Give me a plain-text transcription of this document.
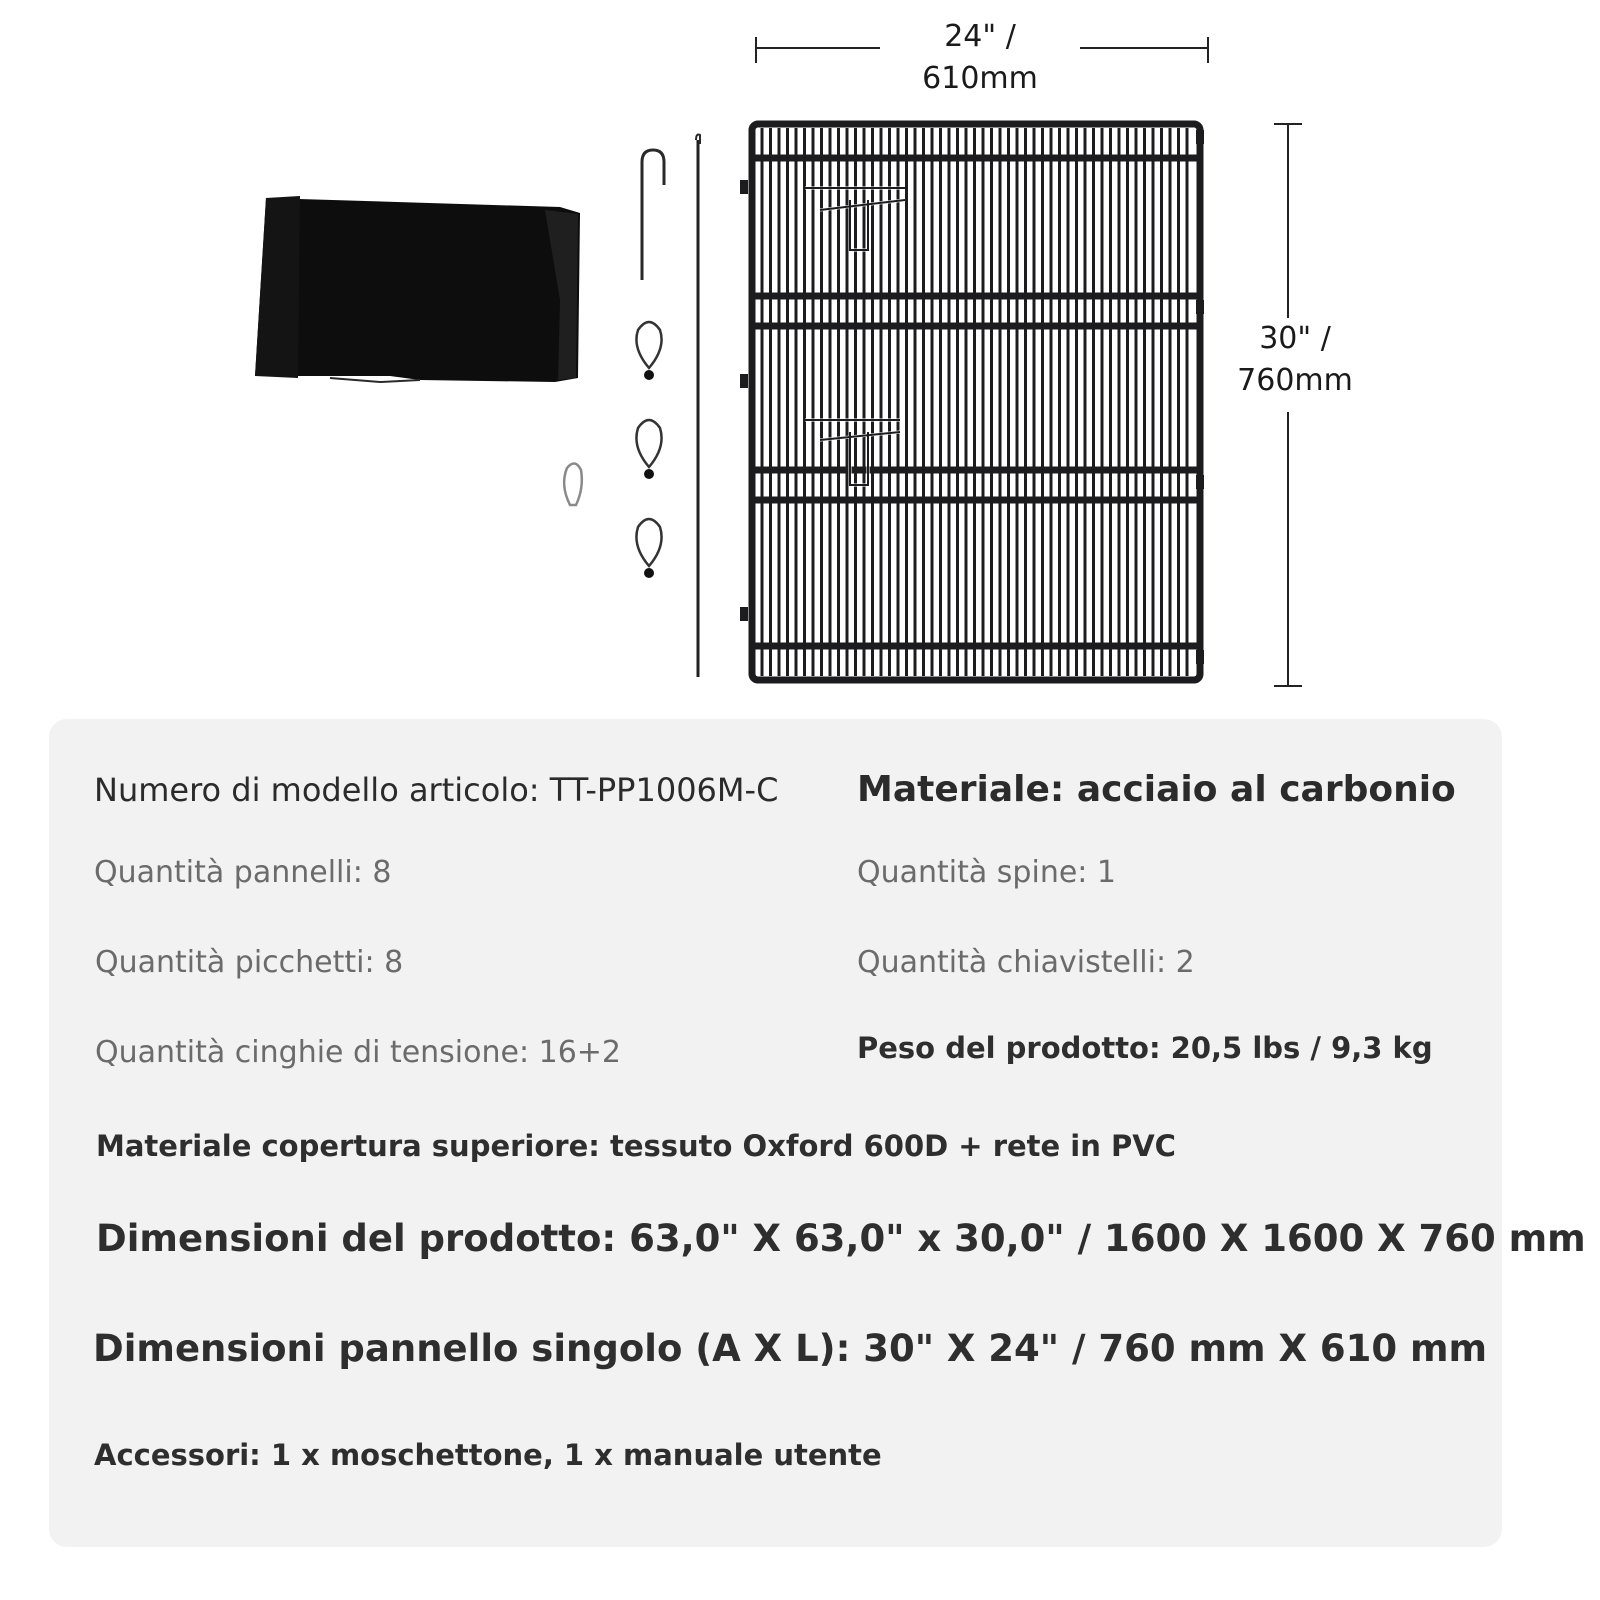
24" /
610mm
30" /
760mm
Numero di modello articolo: TT-PP1006M-C Materiale: acciaio al carbonio
Quantità pannelli: 8	Quantità spine: 1
Quantità picchetti: 8	Quantità chiavistelli: 2
Quantità cinghie di tensione: 16+2	Peso del prodotto: 20,5 lbs / 9,3 kg
Materiale copertura superiore: tessuto Oxford 600D + rete in PVC
Dimensioni del prodotto: 63,0" X 63,0" x 30,0" / 1600 X 1600 X 760 mm
Dimensioni pannello singolo (A X L): 30" X 24" / 760 mm X 610 mm
Accessori: 1 x moschettone, 1 x manuale utente
